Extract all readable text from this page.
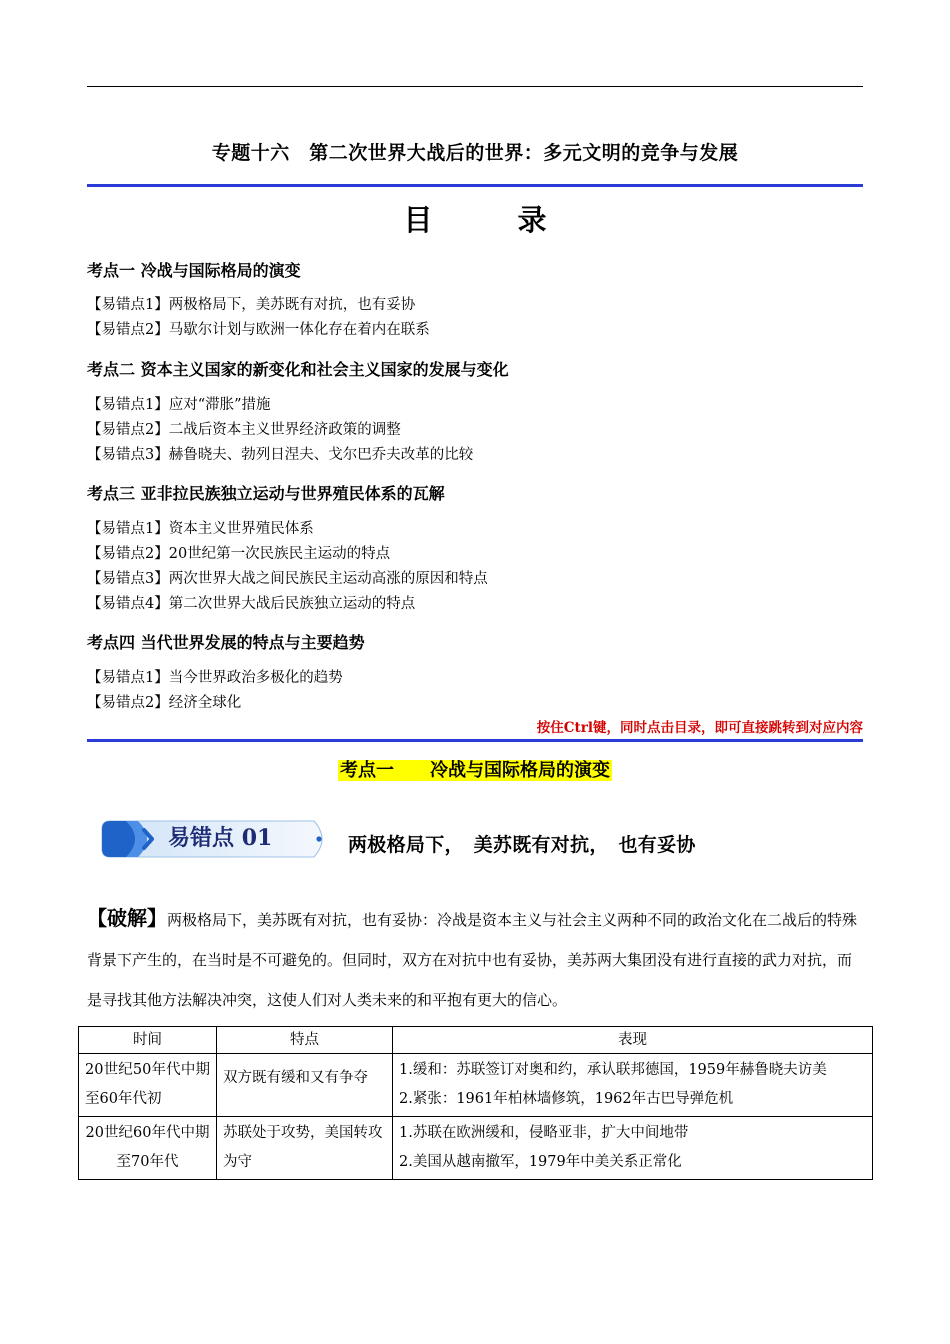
专题十六　第二次世界大战后的世界：多元文明的竞争与发展
目　录
考点一 冷战与国际格局的演变
【易错点1】两极格局下，美苏既有对抗，也有妥协
【易错点2】马歇尔计划与欧洲一体化存在着内在联系
考点二 资本主义国家的新变化和社会主义国家的发展与变化
【易错点1】应对“滞胀”措施
【易错点2】二战后资本主义世界经济政策的调整
【易错点3】赫鲁晓夫、勃列日涅夫、戈尔巴乔夫改革的比较
考点三 亚非拉民族独立运动与世界殖民体系的瓦解
【易错点1】资本主义世界殖民体系
【易错点2】20世纪第一次民族民主运动的特点
【易错点3】两次世界大战之间民族民主运动高涨的原因和特点
【易错点4】第二次世界大战后民族独立运动的特点
考点四 当代世界发展的特点与主要趋势
【易错点1】当今世界政治多极化的趋势
【易错点2】经济全球化
按住Ctrl键，同时点击目录，即可直接跳转到对应内容
考点一　　冷战与国际格局的演变
易错点 01	两极格局下，　美苏既有对抗，　也有妥协
【破解】两极格局下，美苏既有对抗，也有妥协：冷战是资本主义与社会主义两种不同的政治文化在二战后的特殊背景下产生的，在当时是不可避免的。但同时，双方在对抗中也有妥协，美苏两大集团没有进行直接的武力对抗，而是寻找其他方法解决冲突，这使人们对人类未来的和平抱有更大的信心。
时间	特点	表现
20世纪50年代中期至60年代初	双方既有缓和又有争夺	1.缓和：苏联签订对奥和约，承认联邦德国，1959年赫鲁晓夫访美
2.紧张：1961年柏林墙修筑，1962年古巴导弹危机

20世纪60年代中期至70年代	苏联处于攻势，美国转攻为守	1.苏联在欧洲缓和，侵略亚非，扩大中间地带
2.美国从越南撤军，1979年中美关系正常化
